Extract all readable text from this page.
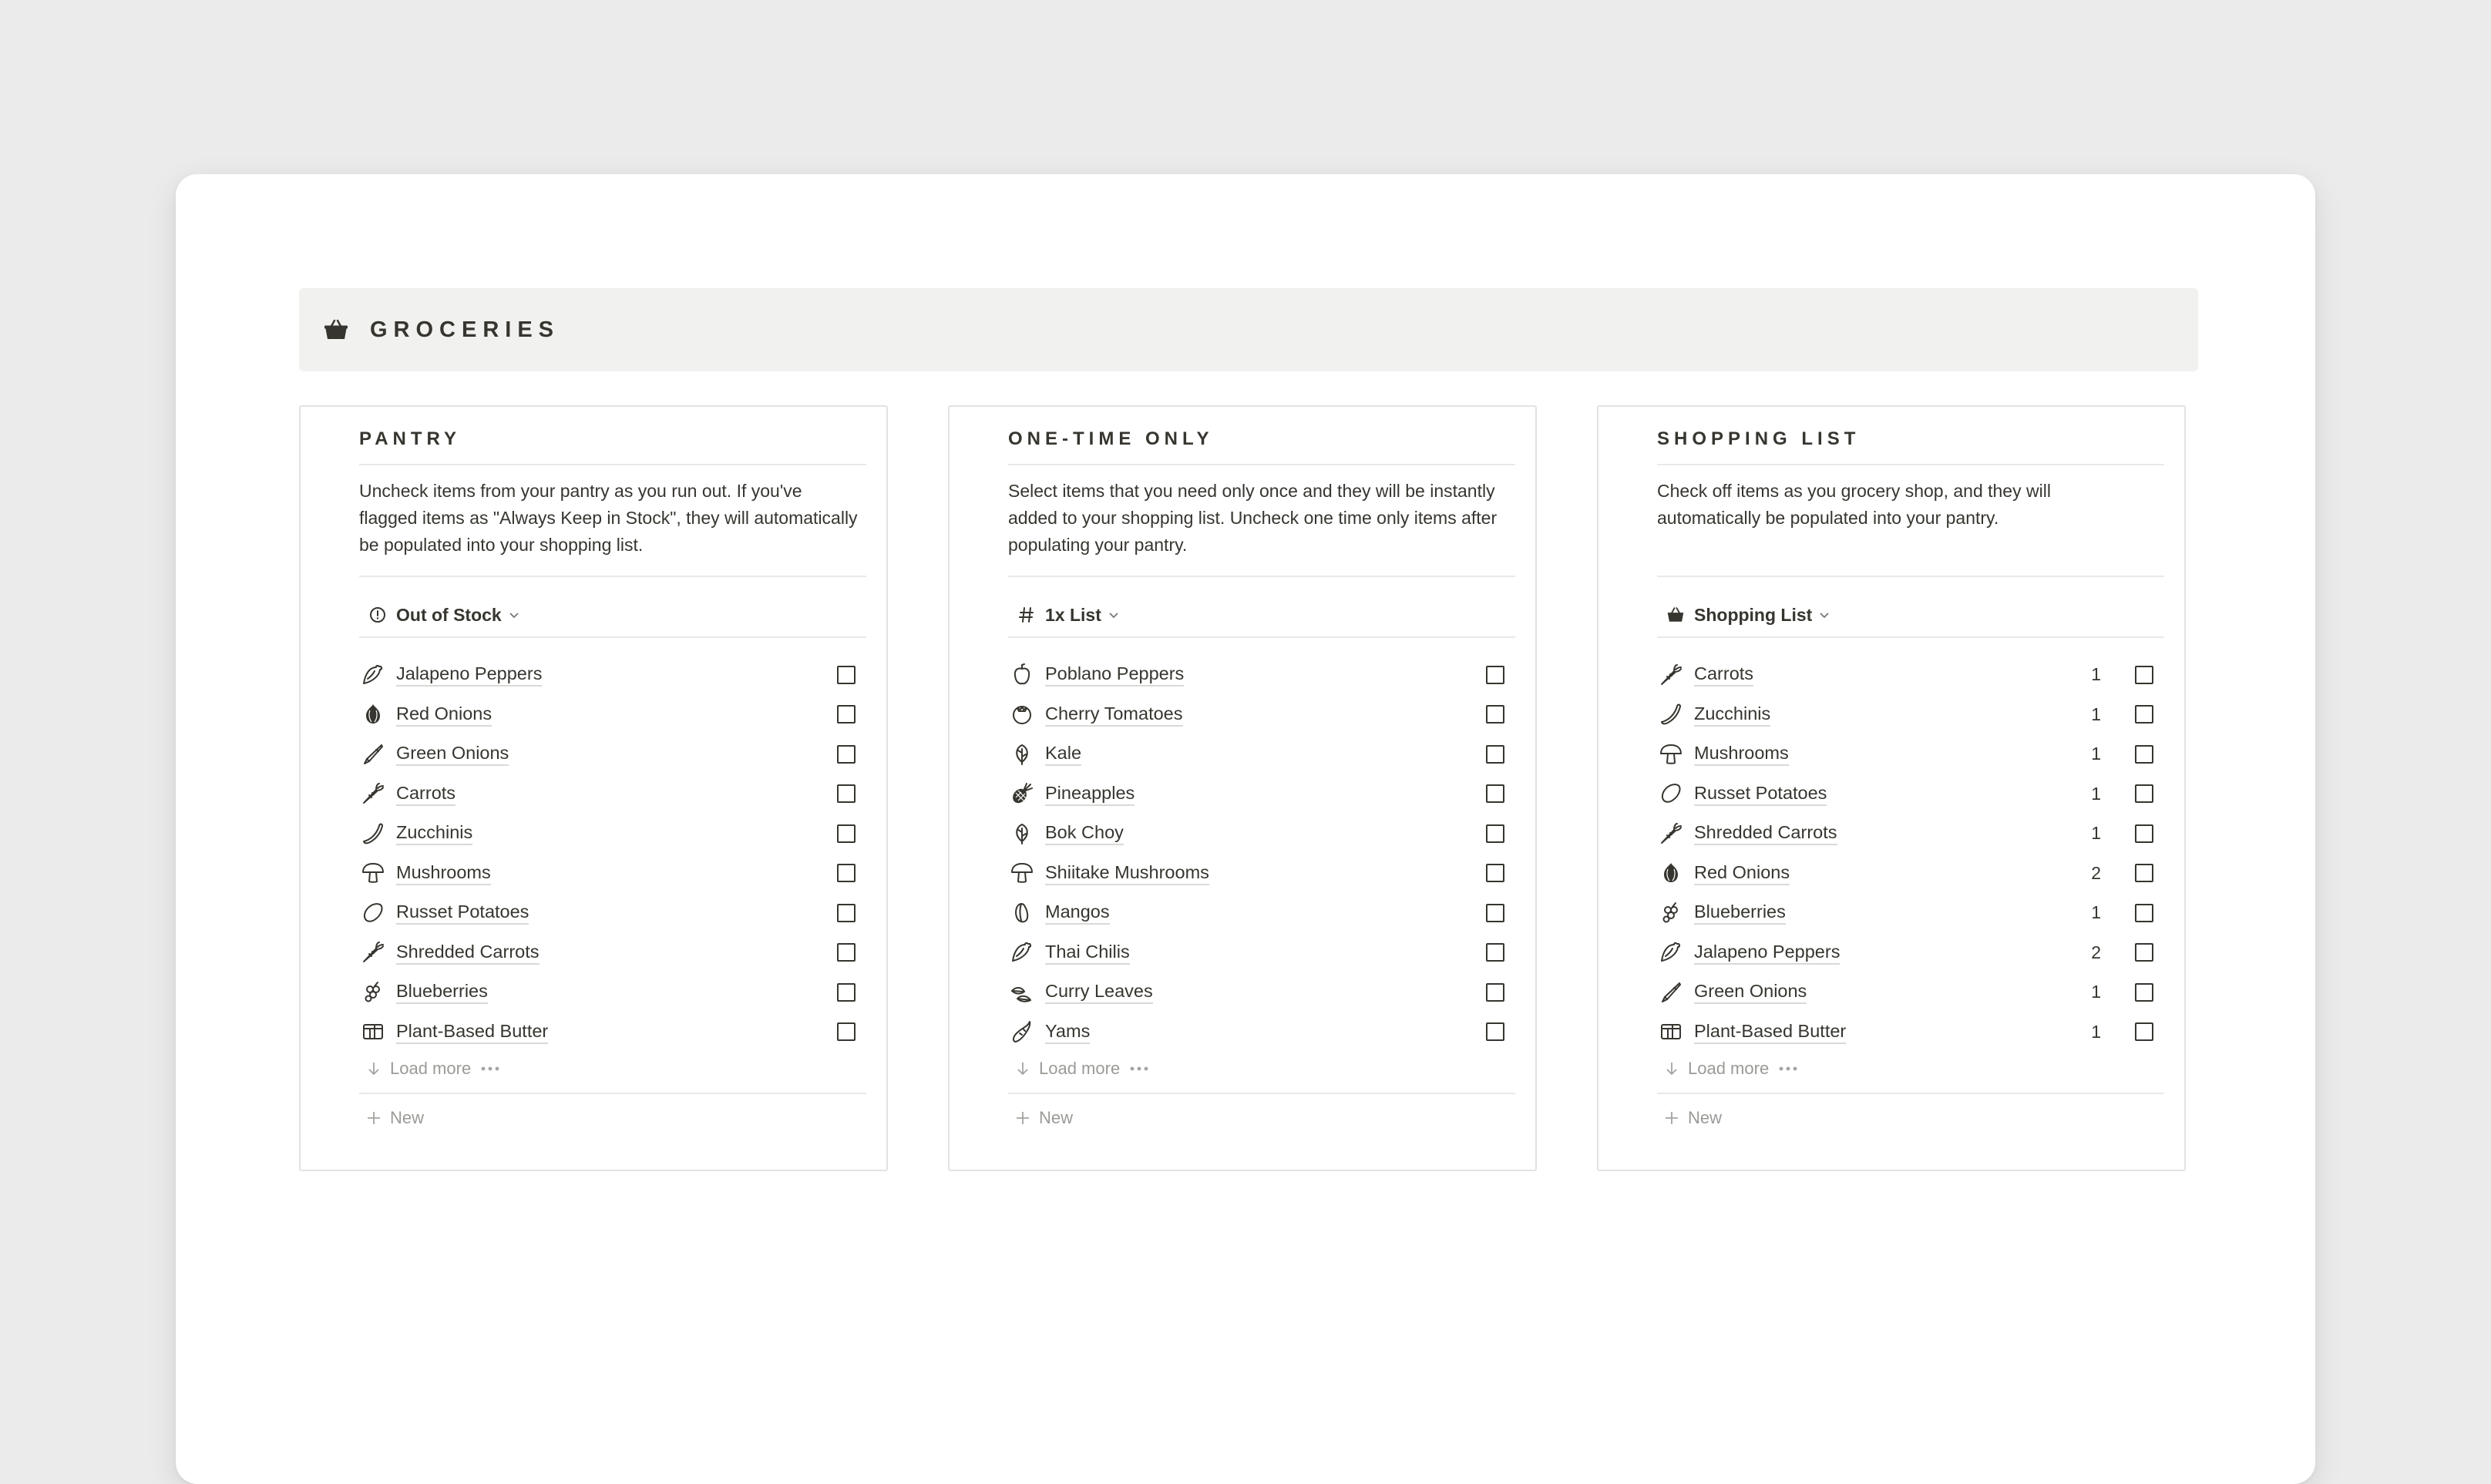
GROCERIES
PANTRY
Uncheck items from your pantry as you run out. If you've flagged items as "Always Keep in Stock", they will automatically be populated into your shopping list.
Out of Stock
Jalapeno Peppers
Red Onions
Green Onions
Carrots
Zucchinis
Mushrooms
Russet Potatoes
Shredded Carrots
Blueberries
Plant-Based Butter
Load more
New
ONE-TIME ONLY
Select items that you need only once and they will be instantly added to your shopping list. Uncheck one time only items after populating your pantry.
1x List
Poblano Peppers
Cherry Tomatoes
Kale
Pineapples
Bok Choy
Shiitake Mushrooms
Mangos
Thai Chilis
Curry Leaves
Yams
Load more
New
SHOPPING LIST
Check off items as you grocery shop, and they will automatically be populated into your pantry.
Shopping List
Carrots	1
Zucchinis	1
Mushrooms	1
Russet Potatoes	1
Shredded Carrots	1
Red Onions	2
Blueberries	1
Jalapeno Peppers	2
Green Onions	1
Plant-Based Butter	1
Load more
New
